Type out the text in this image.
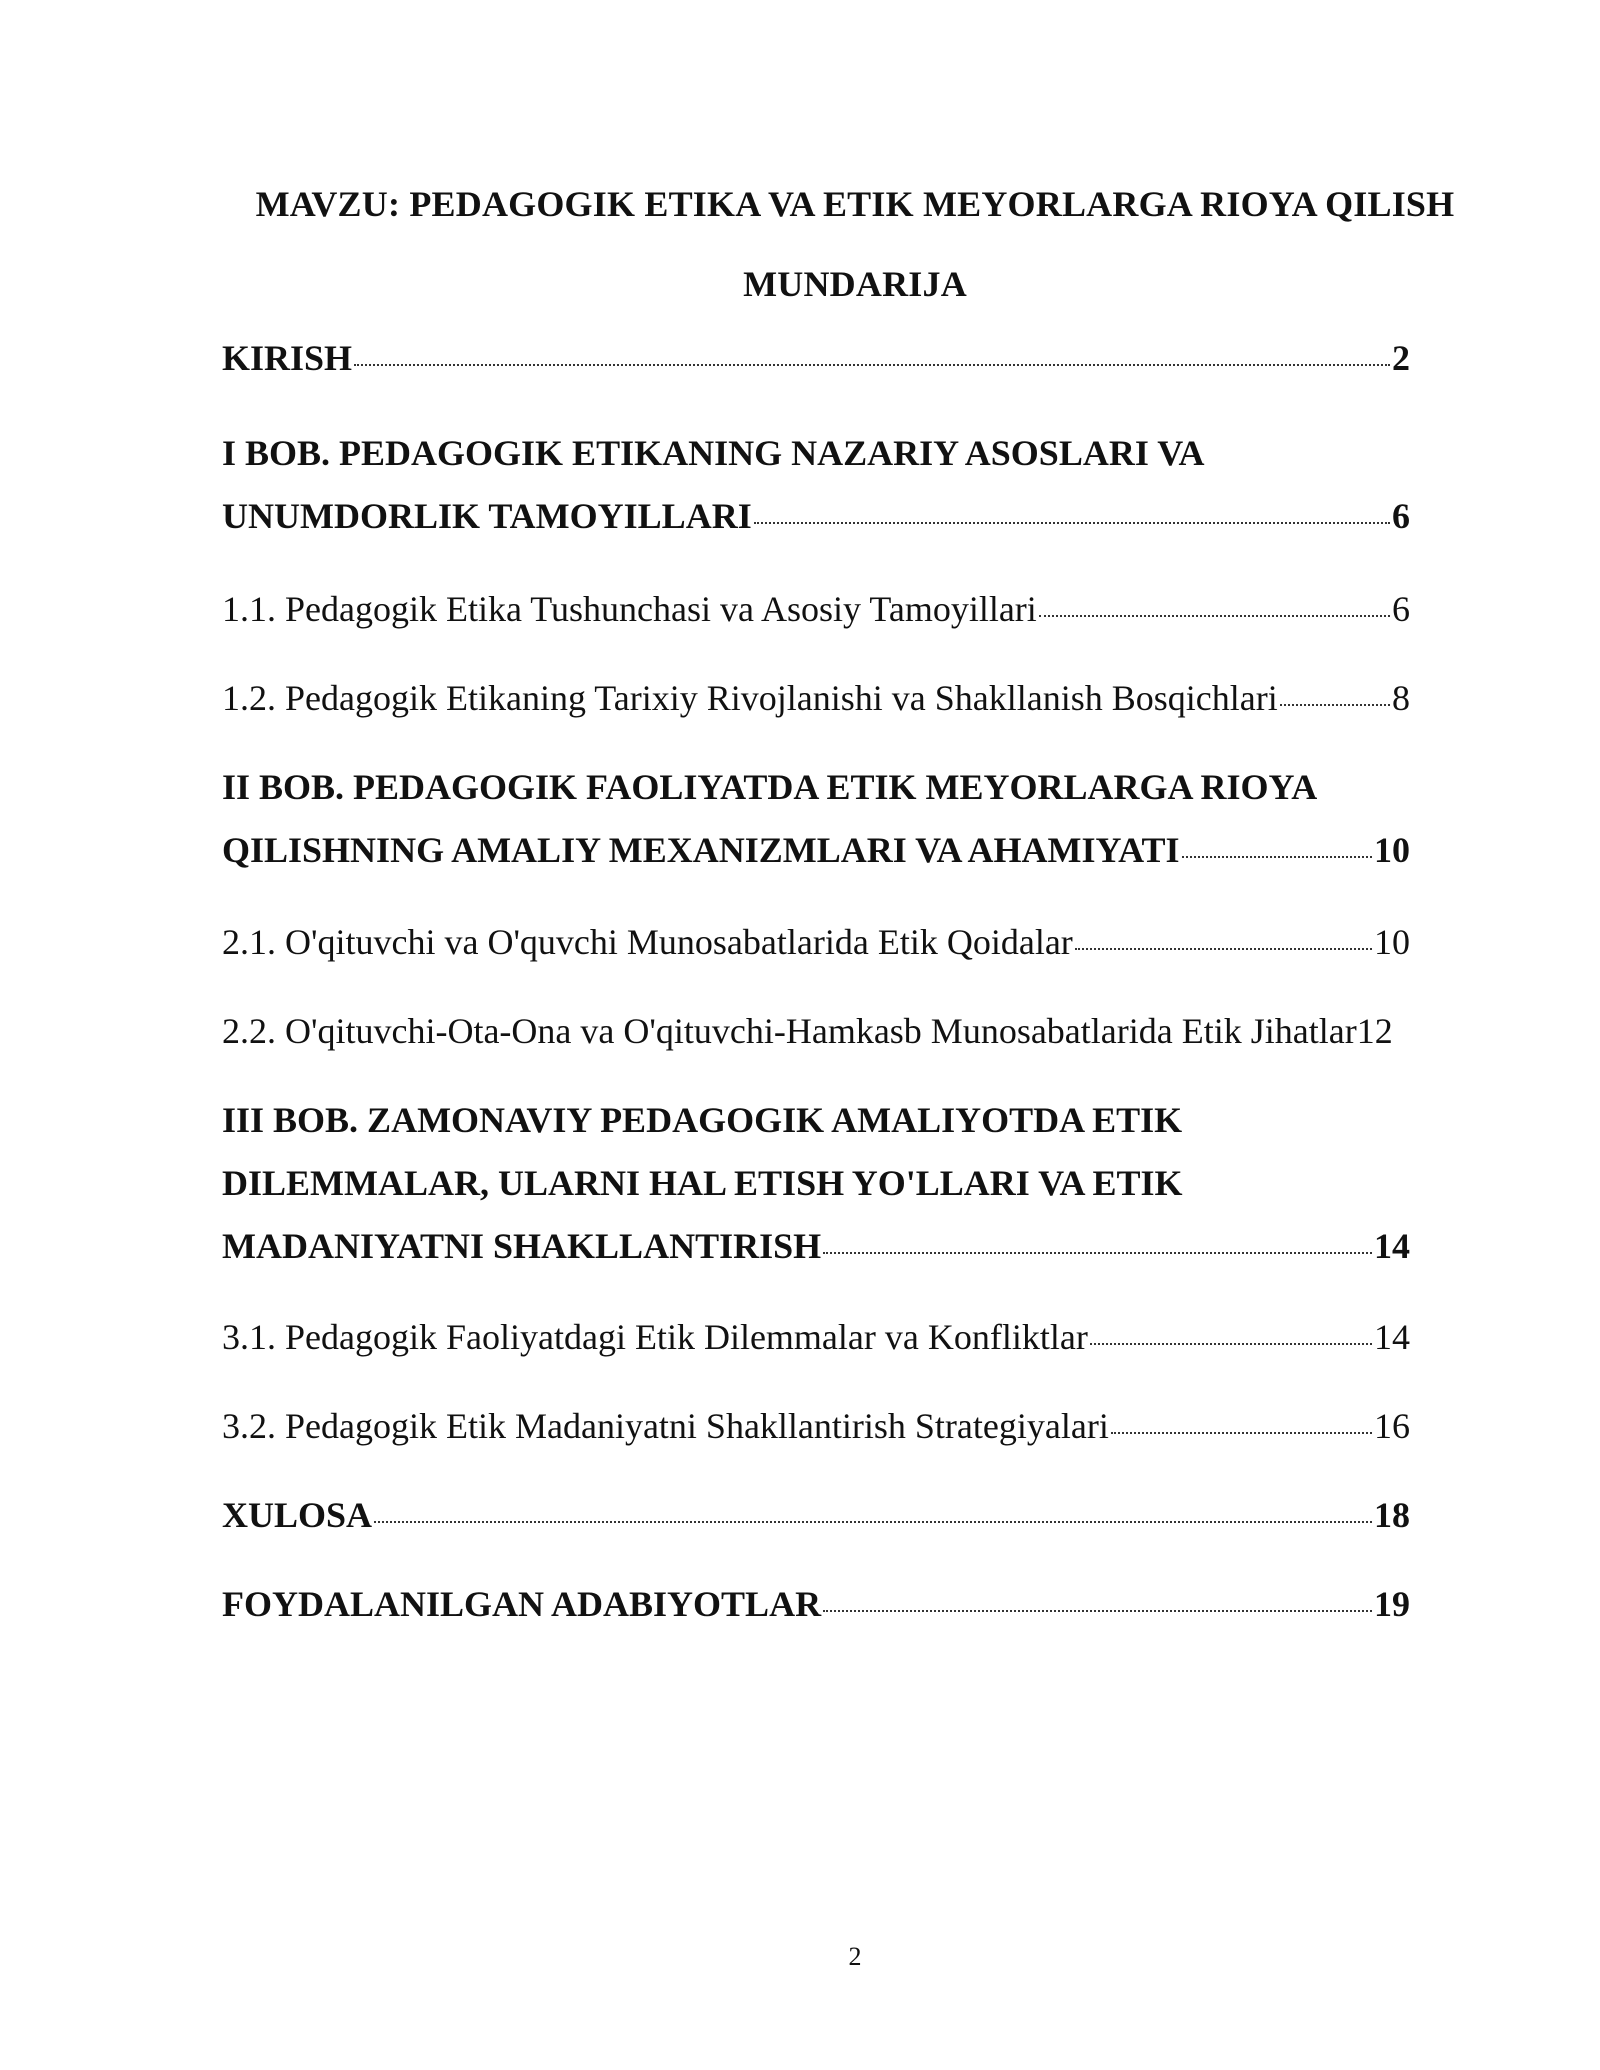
MAVZU: PEDAGOGIK ETIKA VA ETIK MEYORLARGA RIOYA QILISH
MUNDARIJA
KIRISH	2
I BOB. PEDAGOGIK ETIKANING NAZARIY ASOSLARI VA
UNUMDORLIK TAMOYILLARI	6
1.1. Pedagogik Etika Tushunchasi va Asosiy Tamoyillari	6
1.2. Pedagogik Etikaning Tarixiy Rivojlanishi va Shakllanish Bosqichlari	8
II BOB. PEDAGOGIK FAOLIYATDA ETIK MEYORLARGA RIOYA
QILISHNING AMALIY MEXANIZMLARI VA AHAMIYATI	10
2.1. O'qituvchi va O'quvchi Munosabatlarida Etik Qoidalar	10
2.2. O'qituvchi-Ota-Ona va O'qituvchi-Hamkasb Munosabatlarida Etik Jihatlar 12
III BOB. ZAMONAVIY PEDAGOGIK AMALIYOTDA ETIK
DILEMMALAR, ULARNI HAL ETISH YO'LLARI VA ETIK
MADANIYATNI SHAKLLANTIRISH	14
3.1. Pedagogik Faoliyatdagi Etik Dilemmalar va Konfliktlar	14
3.2. Pedagogik Etik Madaniyatni Shakllantirish Strategiyalari	16
XULOSA	18
FOYDALANILGAN ADABIYOTLAR	19
2
